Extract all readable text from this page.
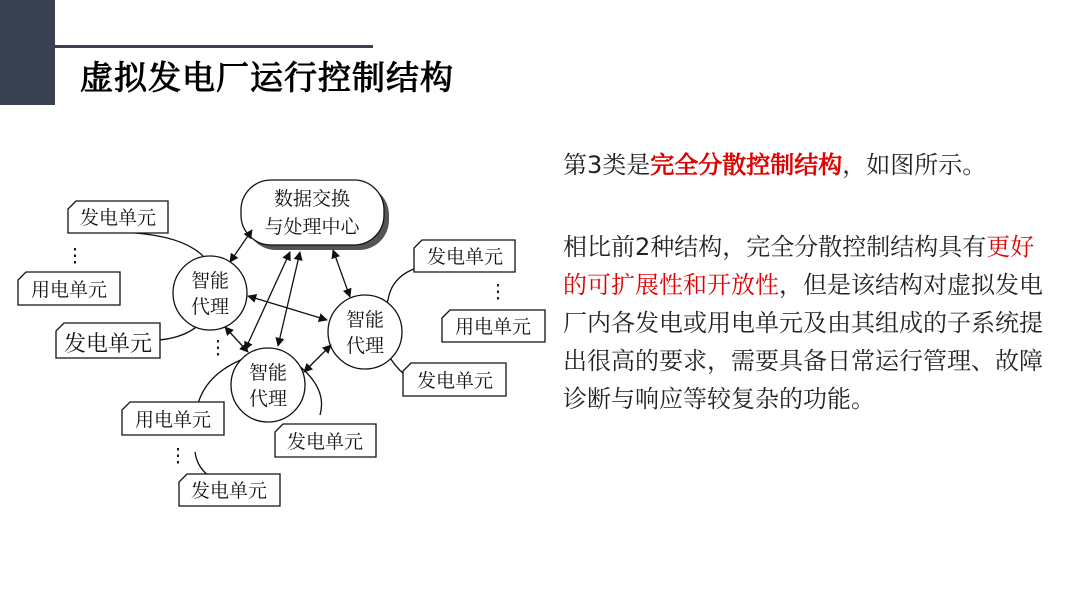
虚拟发电厂运行控制结构
数据交换
与处理中心
智能
代理
智能
代理
智能
代理
发电单元
用电单元
发电单元
发电单元
用电单元
发电单元
用电单元
发电单元
发电单元
⋮
⋮
⋮
⋮
第3类是完全分散控制结构，如图所示。
相比前2种结构，完全分散控制结构具有更好的可扩展性和开放性，但是该结构对虚拟发电厂内各发电或用电单元及由其组成的子系统提出很高的要求，需要具备日常运行管理、故障诊断与响应等较复杂的功能。
